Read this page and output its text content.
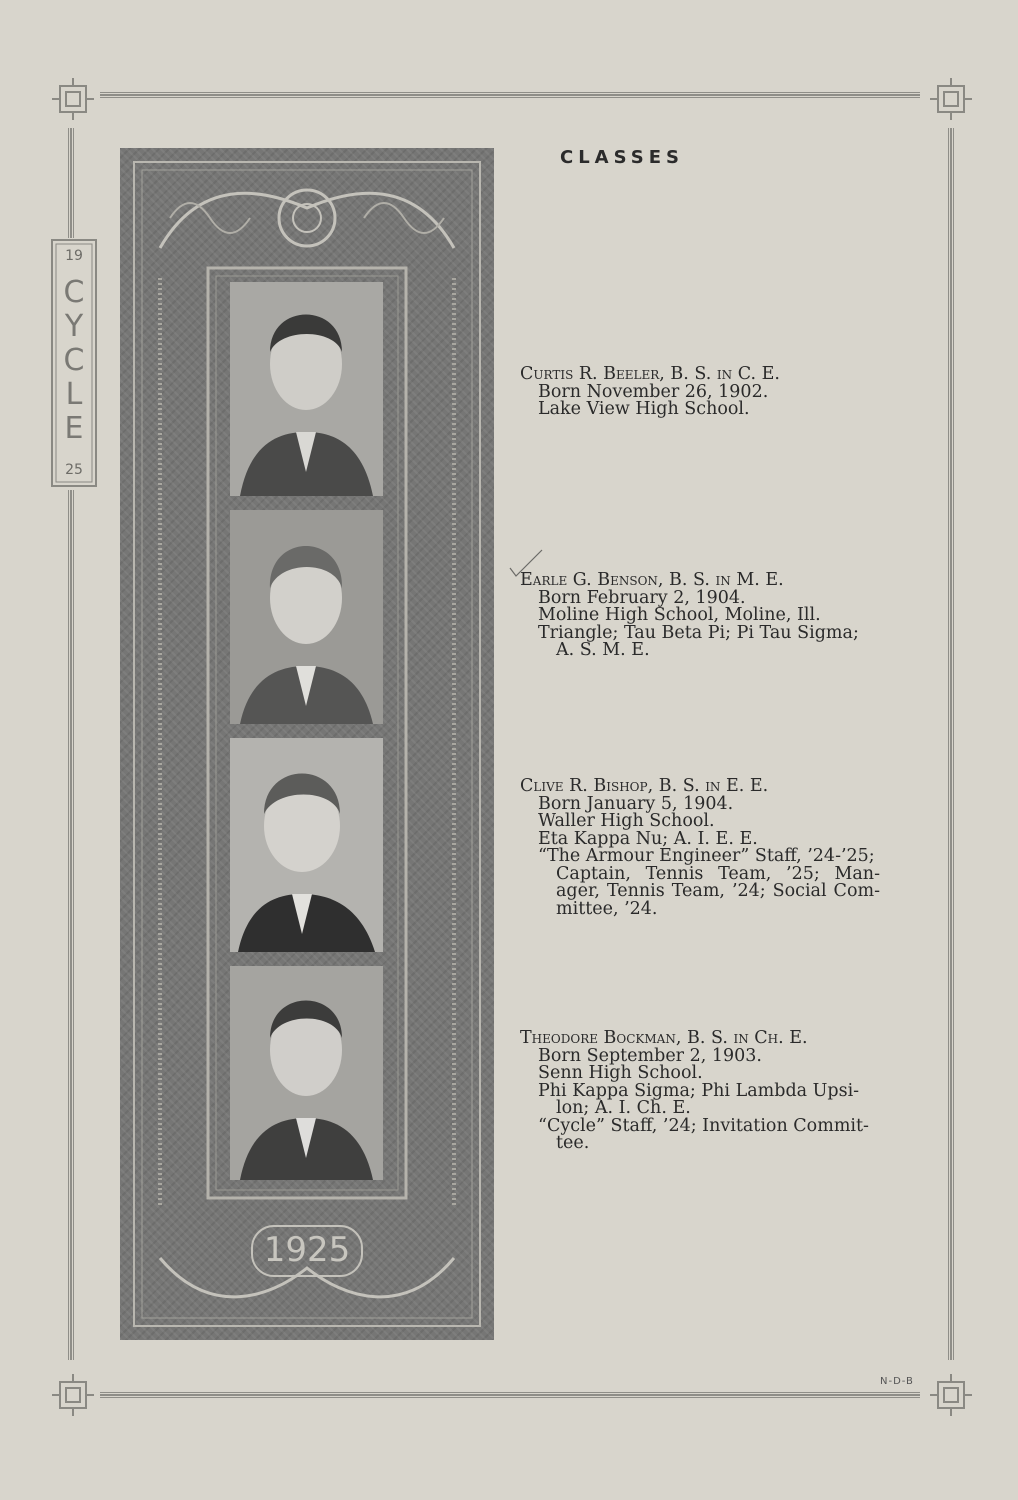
19
CYCLE
25
1925
CLASSES
Curtis R. Beeler, B. S. in C. E.
Born November 26, 1902.
Lake View High School.
Earle G. Benson, B. S. in M. E.
Born February 2, 1904.
Moline High School, Moline, Ill.
Triangle; Tau Beta Pi; Pi Tau Sigma;
A. S. M. E.
Clive R. Bishop, B. S. in E. E.
Born January 5, 1904.
Waller High School.
Eta Kappa Nu; A. I. E. E.
“The Armour Engineer” Staff, ’24-’25;
Captain, Tennis Team, ’25; Man-
ager, Tennis Team, ’24; Social Com-
mittee, ’24.
Theodore Bockman, B. S. in Ch. E.
Born September 2, 1903.
Senn High School.
Phi Kappa Sigma; Phi Lambda Upsi-
lon; A. I. Ch. E.
“Cycle” Staff, ’24; Invitation Commit-
tee.
N-D-B
